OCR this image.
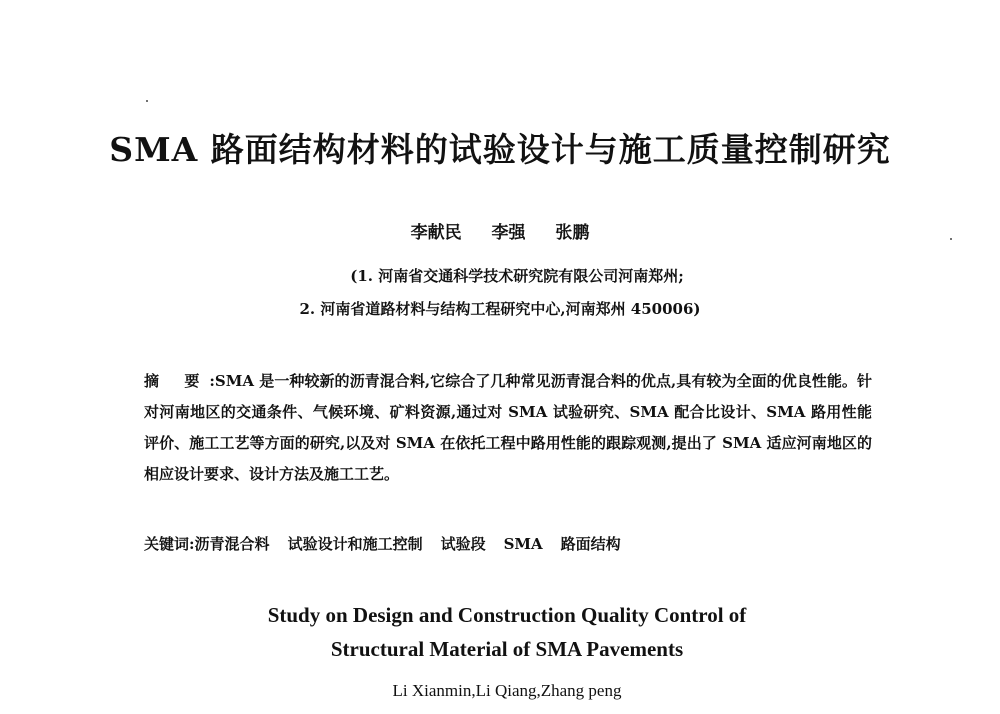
SMA 路面结构材料的试验设计与施工质量控制研究
李献民 李强 张鹏
(1. 河南省交通科学技术研究院有限公司河南郑州;
2. 河南省道路材料与结构工程研究中心,河南郑州 450006)

摘 要:SMA 是一种较新的沥青混合料,它综合了几种常见沥青混合料的优点,具有较为全面的优良性能。针对河南地区的交通条件、气候环境、矿料资源,通过对 SMA 试验研究、SMA 配合比设计、SMA 路用性能评价、施工工艺等方面的研究,以及对 SMA 在依托工程中路用性能的跟踪观测,提出了 SMA 适应河南地区的相应设计要求、设计方法及施工工艺。

关键词:沥青混合料 试验设计和施工控制 试验段 SMA 路面结构
Study on Design and Construction Quality Control of
Structural Material of SMA Pavements
Li Xianmin,Li Qiang,Zhang peng
